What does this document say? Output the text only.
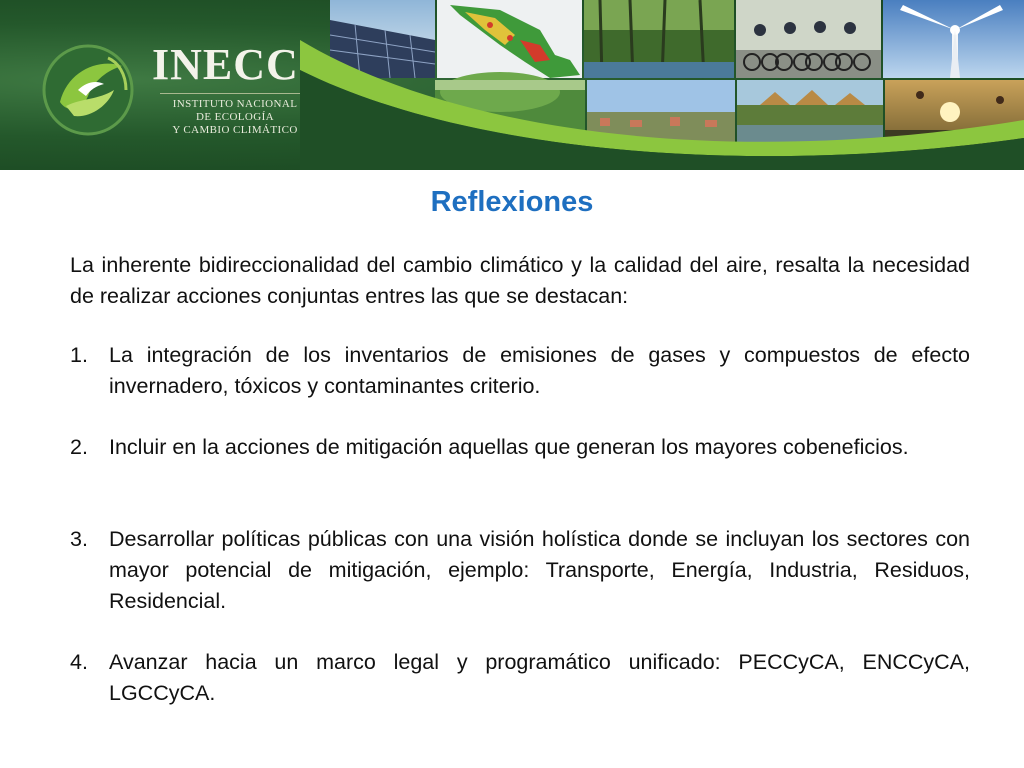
INECC
INSTITUTO NACIONAL
DE ECOLOGÍA
Y CAMBIO CLIMÁTICO
Reflexiones
La inherente bidireccionalidad del cambio climático y la calidad del aire, resalta la necesidad de realizar acciones conjuntas entres las que se destacan:
1. La integración de los inventarios de emisiones de gases y compuestos de efecto invernadero, tóxicos y contaminantes criterio.
2. Incluir en la acciones de mitigación aquellas que generan los mayores cobeneficios.
3. Desarrollar políticas públicas con una visión holística donde se incluyan los sectores con mayor potencial de mitigación, ejemplo: Transporte, Energía, Industria, Residuos, Residencial.
4. Avanzar hacia un marco legal y programático unificado: PECCyCA, ENCCyCA, LGCCyCA.
